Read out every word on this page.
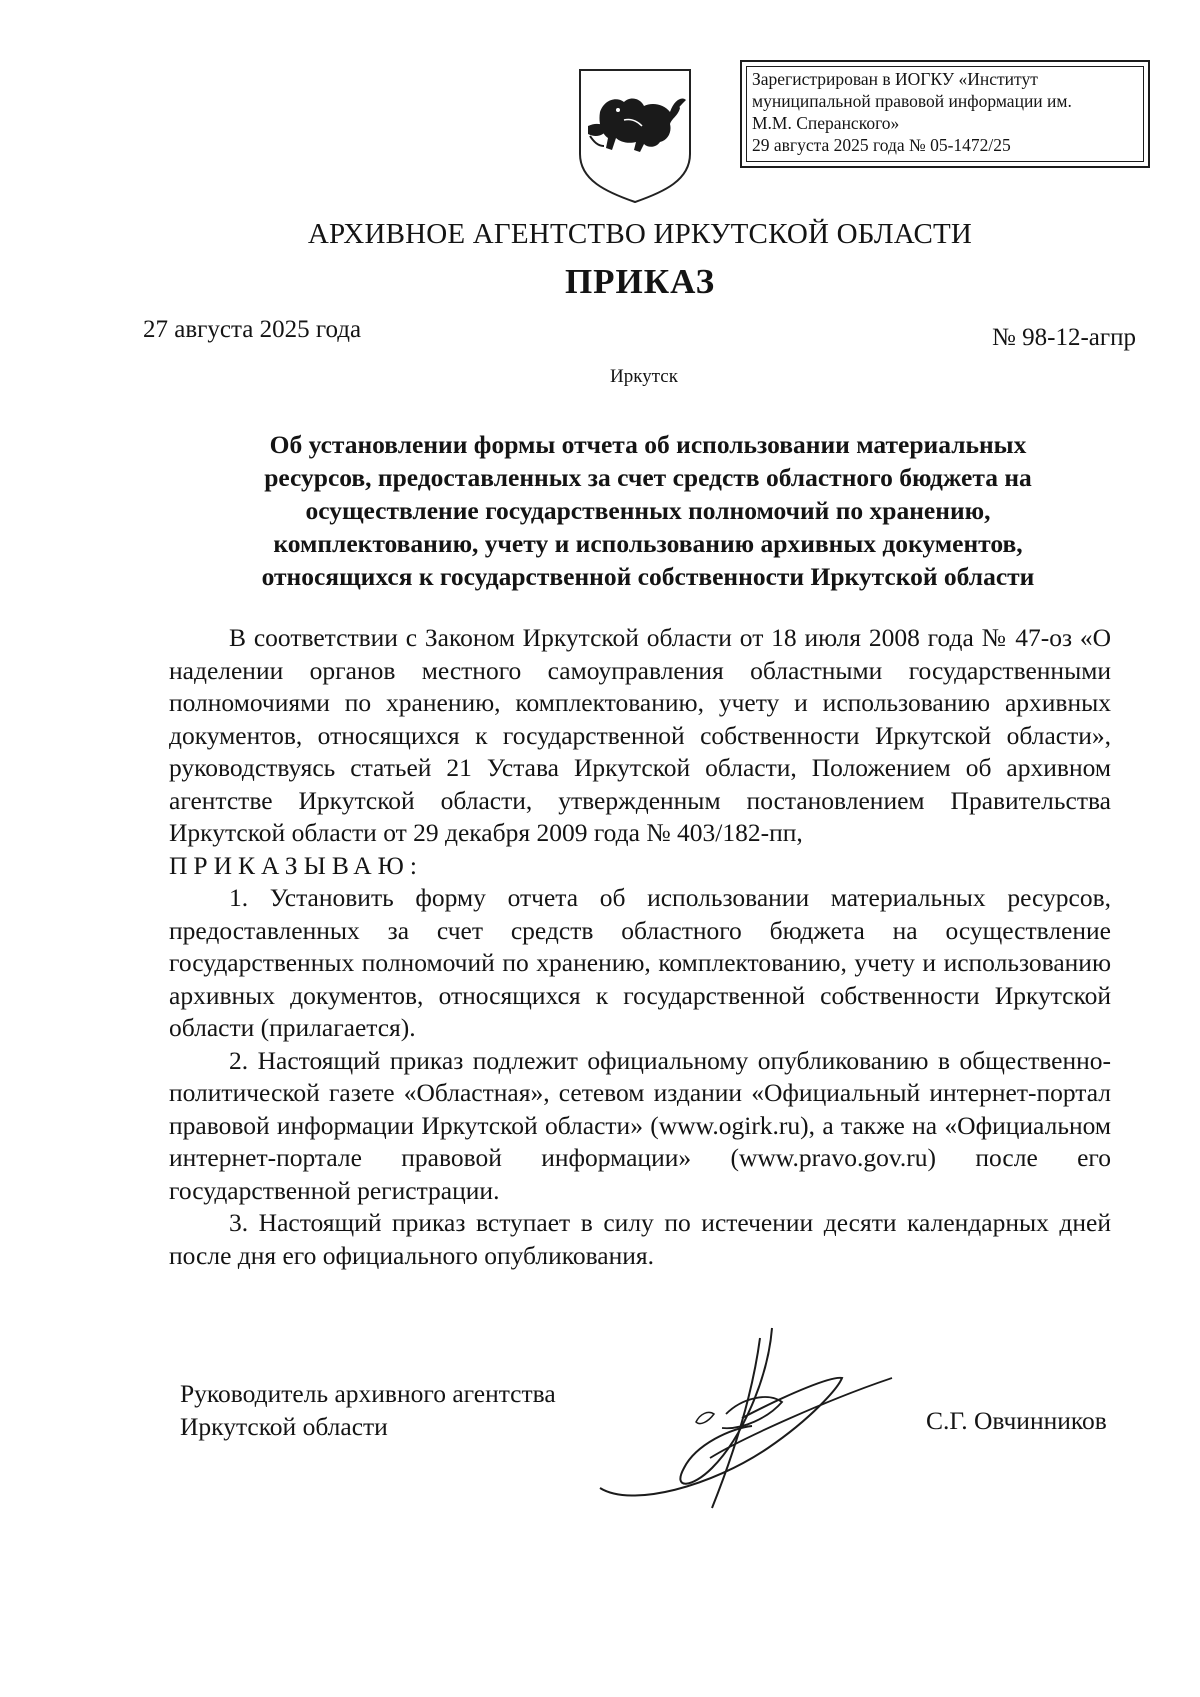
Зарегистрирован в ИОГКУ «Институт
муниципальной правовой информации им.
М.М. Сперанского»
29 августа 2025 года № 05-1472/25
АРХИВНОЕ АГЕНТСТВО ИРКУТСКОЙ ОБЛАСТИ
ПРИКАЗ
27 августа 2025 года	№ 98-12-агпр
Иркутск
Об установлении формы отчета об использовании материальных
ресурсов, предоставленных за счет средств областного бюджета на
осуществление государственных полномочий по хранению,
комплектованию, учету и использованию архивных документов,
относящихся к государственной собственности Иркутской области

В соответствии с Законом Иркутской области от 18 июля 2008 года № 47-оз «О наделении органов местного самоуправления областными государственными полномочиями по хранению, комплектованию, учету и использованию архивных документов, относящихся к государственной собственности Иркутской области», руководствуясь статьей 21 Устава Иркутской области, Положением об архивном агентстве Иркутской области, утвержденным постановлением Правительства Иркутской области от 29 декабря 2009 года № 403/182-пп,

ПРИКАЗЫВАЮ:

1. Установить форму отчета об использовании материальных ресурсов, предоставленных за счет средств областного бюджета на осуществление государственных полномочий по хранению, комплектованию, учету и использованию архивных документов, относящихся к государственной собственности Иркутской области (прилагается).

2. Настоящий приказ подлежит официальному опубликованию в общественно-политической газете «Областная», сетевом издании «Официальный интернет-портал правовой информации Иркутской области» (www.ogirk.ru), а также на «Официальном интернет-портале правовой информации» (www.pravo.gov.ru) после его государственной регистрации.

3. Настоящий приказ вступает в силу по истечении десяти календарных дней после дня его официального опубликования.

Руководитель архивного агентства
Иркутской области	С.Г. Овчинников
